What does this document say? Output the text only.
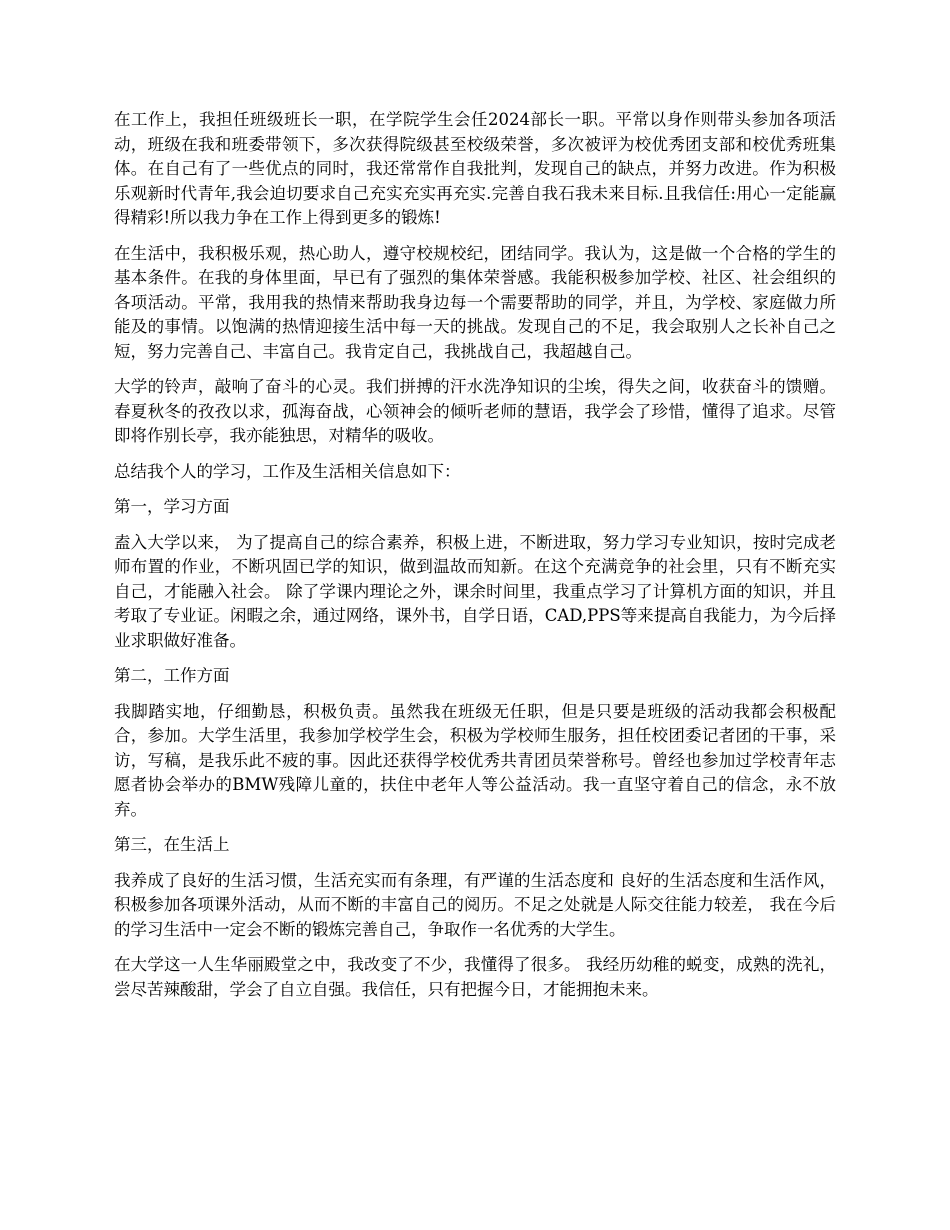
在工作上，我担任班级班长一职，在学院学生会任2024部长一职。平常以身作则带头参加各项活动，班级在我和班委带领下，多次获得院级甚至校级荣誉，多次被评为校优秀团支部和校优秀班集体。在自己有了一些优点的同时，我还常常作自我批判，发现自己的缺点，并努力改进。作为积极乐观新时代青年,我会迫切要求自己充实充实再充实.完善自我石我未来目标.且我信任:用心一定能赢得精彩!所以我力争在工作上得到更多的锻炼!

在生活中，我积极乐观，热心助人，遵守校规校纪，团结同学。我认为，这是做一个合格的学生的基本条件。在我的身体里面，早已有了强烈的集体荣誉感。我能积极参加学校、社区、社会组织的各项活动。平常，我用我的热情来帮助我身边每一个需要帮助的同学，并且，为学校、家庭做力所能及的事情。以饱满的热情迎接生活中每一天的挑战。发现自己的不足，我会取别人之长补自己之短，努力完善自己、丰富自己。我肯定自己，我挑战自己，我超越自己。

大学的铃声，敲响了奋斗的心灵。我们拼搏的汗水洗净知识的尘埃，得失之间，收获奋斗的馈赠。春夏秋冬的孜孜以求，孤海奋战，心领神会的倾听老师的慧语，我学会了珍惜，懂得了追求。尽管即将作别长亭，我亦能独思，对精华的吸收。

总结我个人的学习，工作及生活相关信息如下：

第一，学习方面

盍入大学以来， 为了提高自己的综合素养，积极上进，不断进取，努力学习专业知识，按时完成老师布置的作业，不断巩固已学的知识，做到温故而知新。在这个充满竞争的社会里，只有不断充实自己，才能融入社会。 除了学课内理论之外，课余时间里，我重点学习了计算机方面的知识，并且考取了专业证。闲暇之余，通过网络，课外书，自学日语，CAD,PPS等来提高自我能力，为今后择业求职做好准备。

第二，工作方面

我脚踏实地，仔细勤恳，积极负责。虽然我在班级无任职，但是只要是班级的活动我都会积极配合，参加。大学生活里，我参加学校学生会，积极为学校师生服务，担任校团委记者团的干事，采访，写稿，是我乐此不疲的事。因此还获得学校优秀共青团员荣誉称号。曾经也参加过学校青年志愿者协会举办的BMW残障儿童的，扶住中老年人等公益活动。我一直坚守着自己的信念，永不放弃。

第三，在生活上

我养成了良好的生活习惯，生活充实而有条理，有严谨的生活态度和 良好的生活态度和生活作风，积极参加各项课外活动，从而不断的丰富自己的阅历。不足之处就是人际交往能力较差， 我在今后的学习生活中一定会不断的锻炼完善自己，争取作一名优秀的大学生。

在大学这一人生华丽殿堂之中，我改变了不少，我懂得了很多。 我经历幼稚的蜕变，成熟的洗礼，尝尽苦辣酸甜，学会了自立自强。我信任，只有把握今日，才能拥抱未来。
